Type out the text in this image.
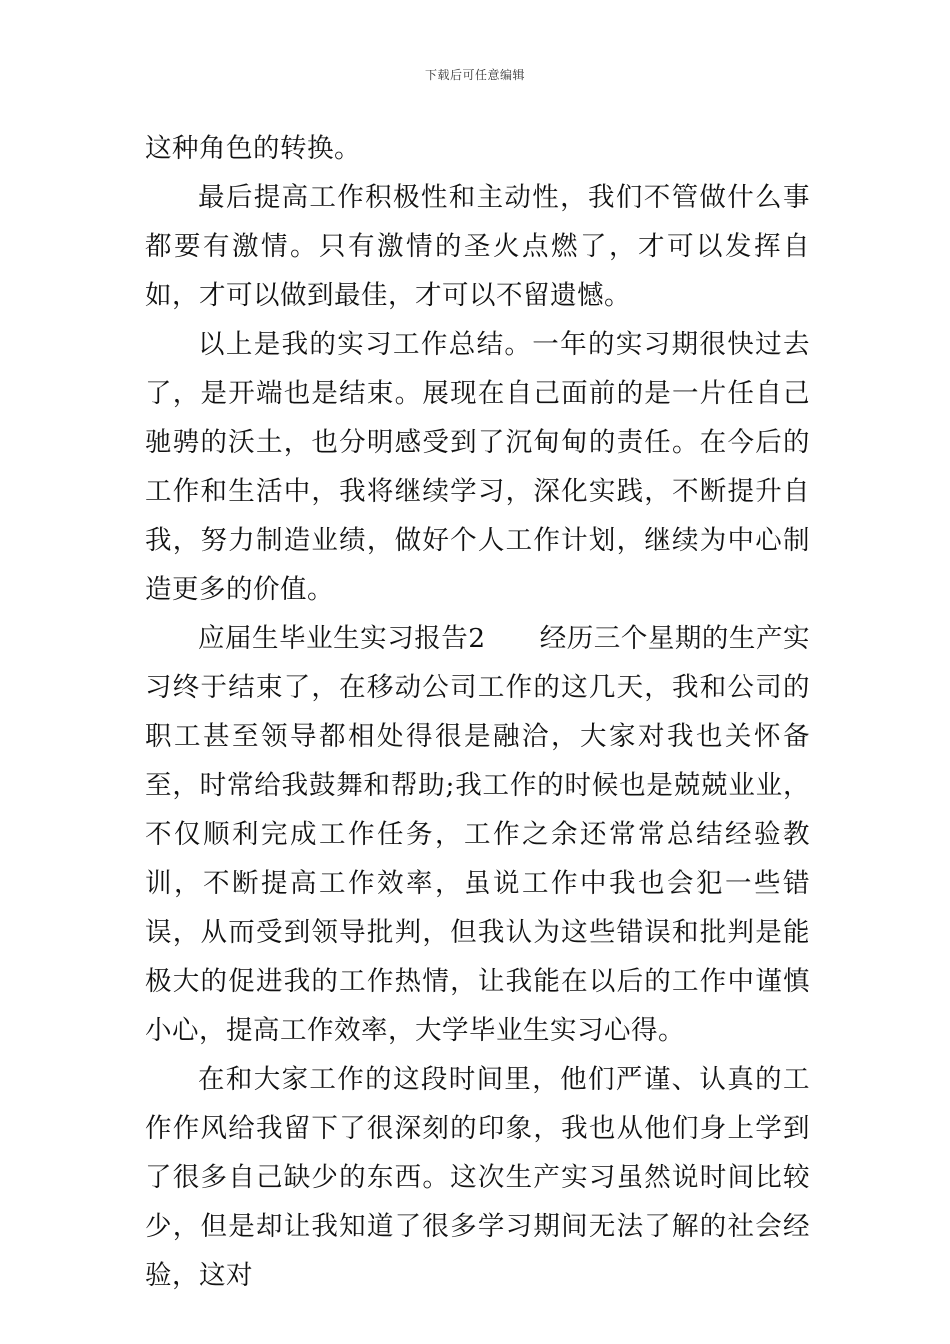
下载后可任意编辑

这种角色的转换。

最后提高工作积极性和主动性，我们不管做什么事都要有激情。只有激情的圣火点燃了，才可以发挥自如，才可以做到最佳，才可以不留遗憾。

以上是我的实习工作总结。一年的实习期很快过去了，是开端也是结束。展现在自己面前的是一片任自己驰骋的沃土，也分明感受到了沉甸甸的责任。在今后的工作和生活中，我将继续学习，深化实践，不断提升自我，努力制造业绩，做好个人工作计划，继续为中心制造更多的价值。

应届生毕业生实习报告2　　经历三个星期的生产实习终于结束了，在移动公司工作的这几天，我和公司的职工甚至领导都相处得很是融洽，大家对我也关怀备至，时常给我鼓舞和帮助;我工作的时候也是兢兢业业，不仅顺利完成工作任务，工作之余还常常总结经验教训，不断提高工作效率，虽说工作中我也会犯一些错误，从而受到领导批判，但我认为这些错误和批判是能极大的促进我的工作热情，让我能在以后的工作中谨慎小心，提高工作效率，大学毕业生实习心得。

在和大家工作的这段时间里，他们严谨、认真的工作作风给我留下了很深刻的印象，我也从他们身上学到了很多自己缺少的东西。这次生产实习虽然说时间比较少，但是却让我知道了很多学习期间无法了解的社会经验，这对
